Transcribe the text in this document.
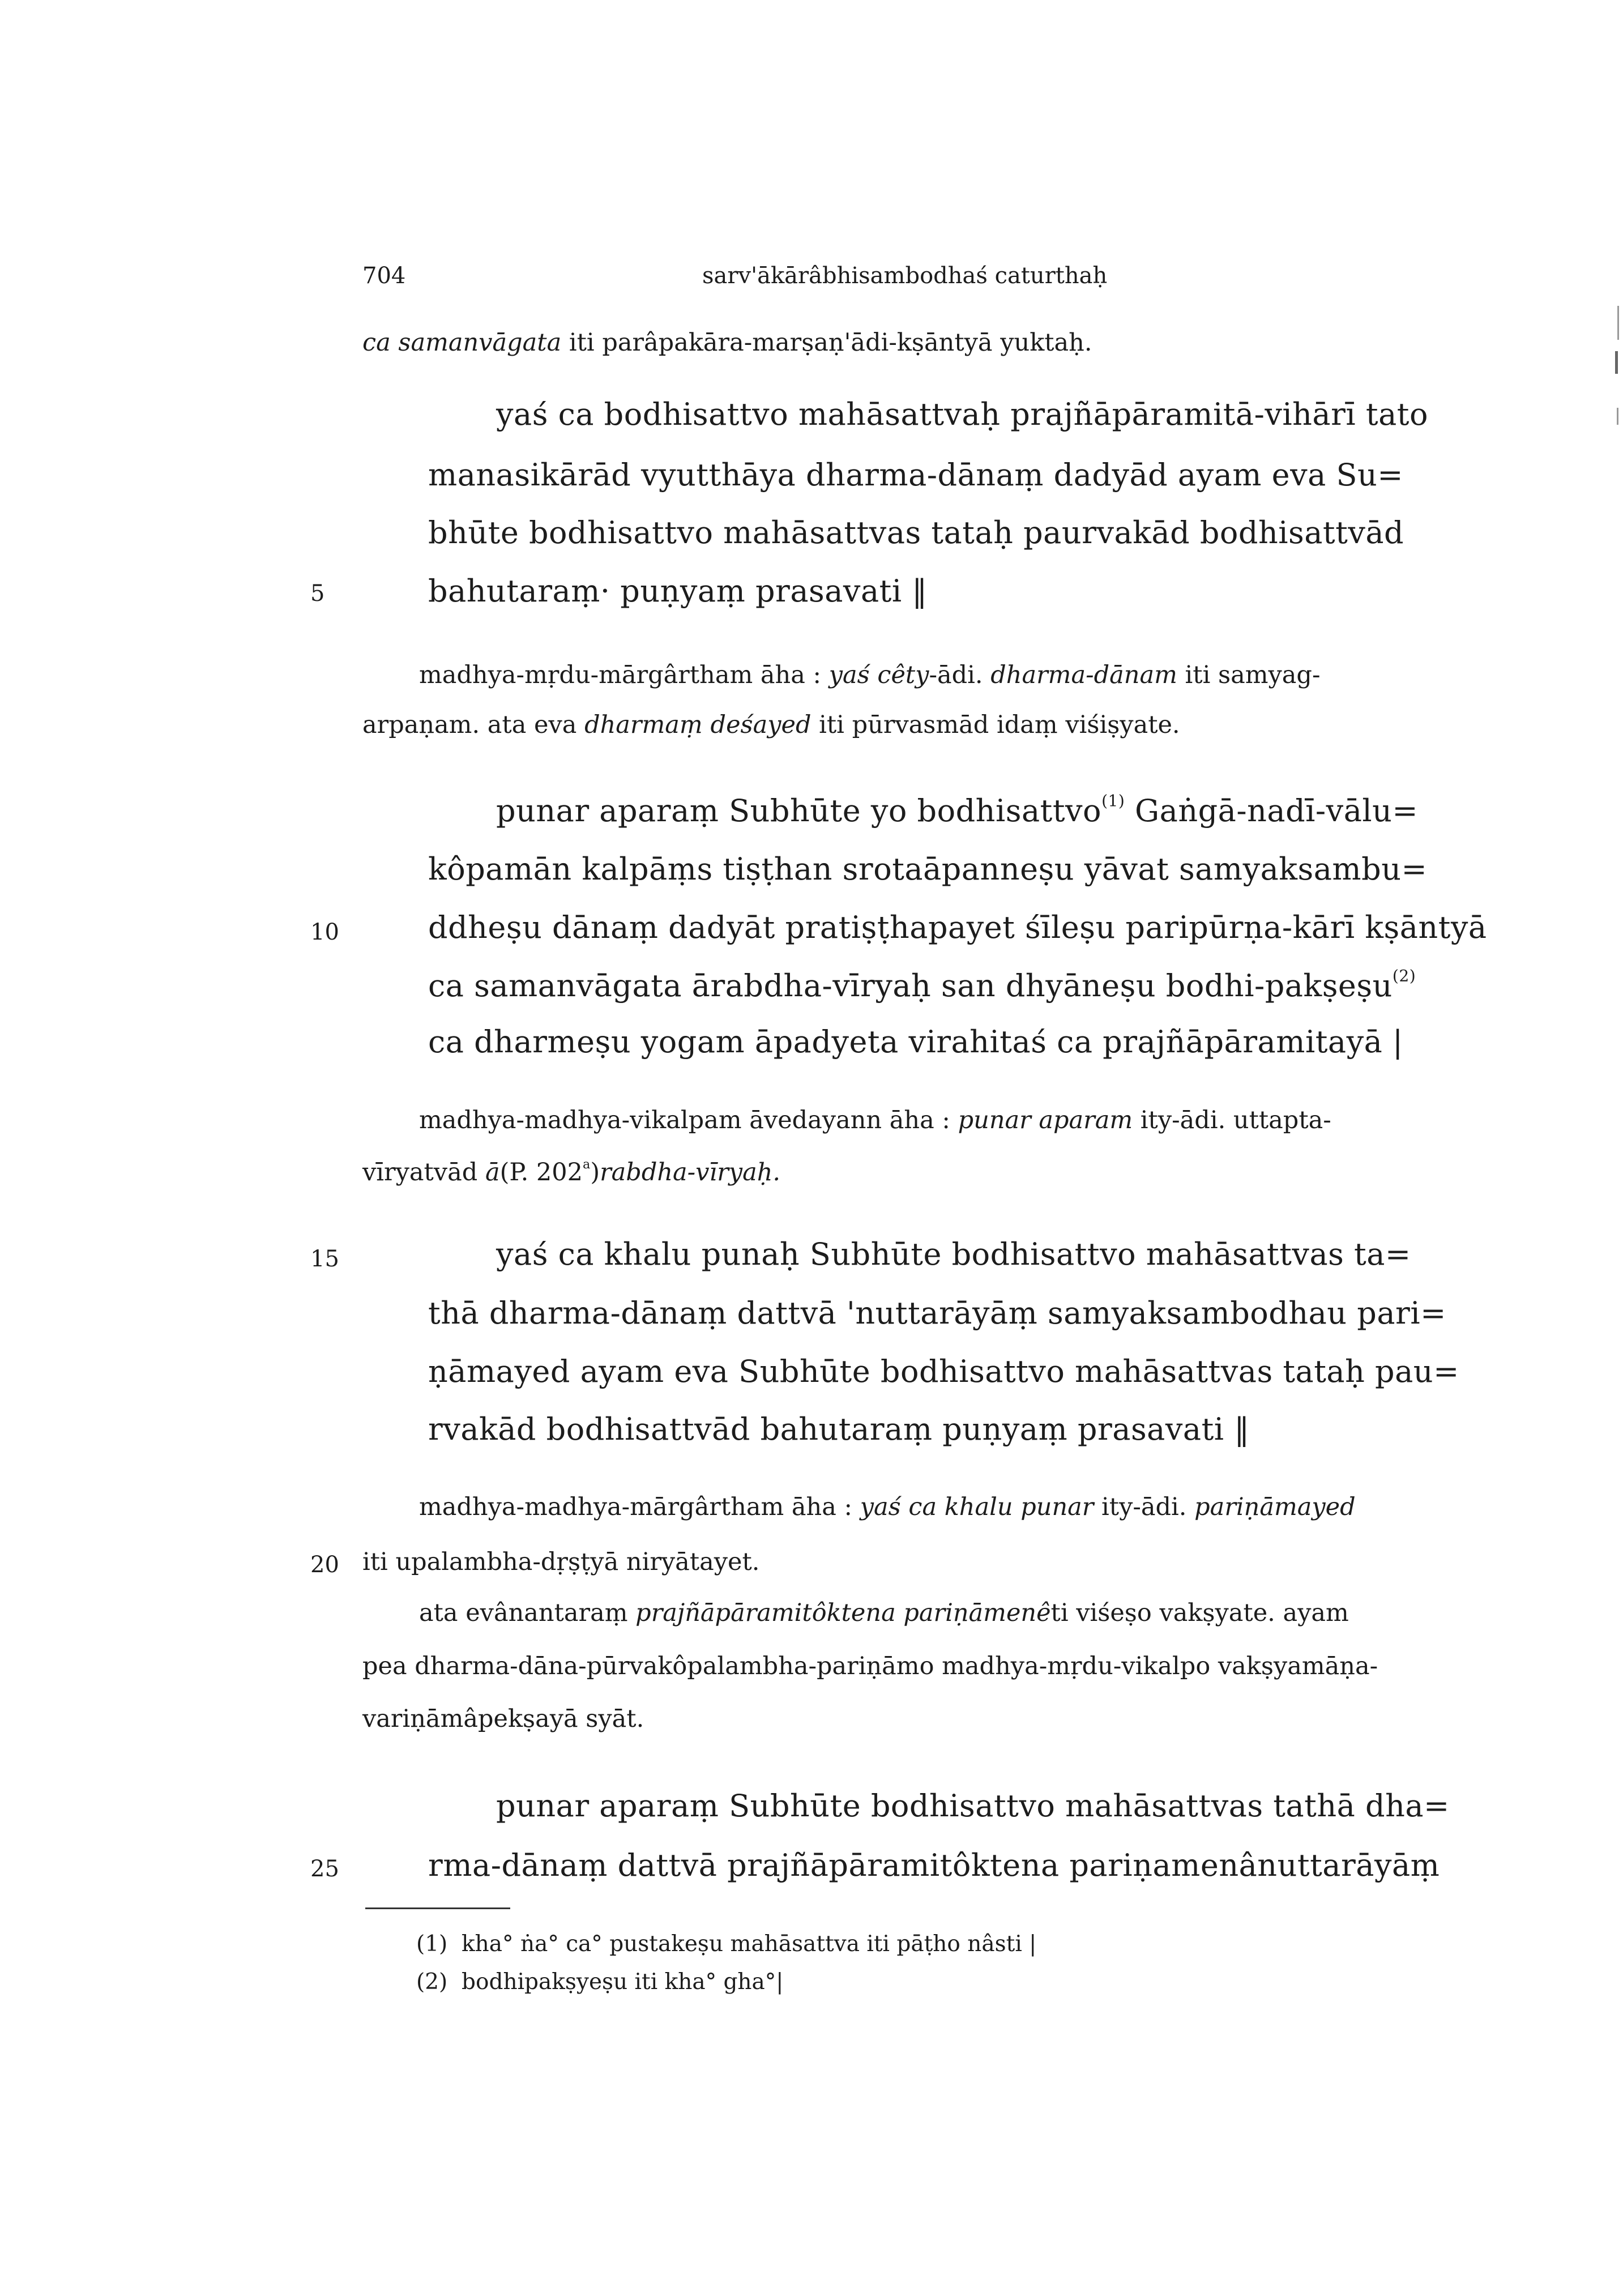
704	sarv'ākārâbhisambodhaś caturthaḥ
ca samanvāgata iti parâpakāra-marṣaṇ'ādi-kṣāntyā yuktaḥ.
yaś ca bodhisattvo mahāsattvaḥ prajñāpāramitā-vihārī tato
manasikārād vyutthāya dharma-dānaṃ dadyād ayam eva Su=
bhūte bodhisattvo mahāsattvas tataḥ paurvakād bodhisattvād
5	bahutaraṃ· puṇyaṃ prasavati ‖
madhya-mṛdu-mārgârtham āha : yaś cêty-ādi. dharma-dānam iti samyag-
arpaṇam. ata eva dharmaṃ deśayed iti pūrvasmād idaṃ viśiṣyate.
punar aparaṃ Subhūte yo bodhisattvo$^{(1)}$ Gaṅgā-nadī-vālu=
kôpamān kalpāṃs tiṣṭhan srotaāpanneṣu yāvat samyaksambu=
10	ddheṣu dānaṃ dadyāt pratiṣṭhapayet śīleṣu paripūrṇa-kārī kṣāntyā
ca samanvāgata ārabdha-vīryaḥ san dhyāneṣu bodhi-pakṣeṣu$^{(2)}$
ca dharmeṣu yogam āpadyeta virahitaś ca prajñāpāramitayā |
madhya-madhya-vikalpam āvedayann āha : punar aparam ity-ādi. uttapta-
vīryatvād ā(P. 202$^a$)rabdha-vīryaḥ.
15	yaś ca khalu punaḥ Subhūte bodhisattvo mahāsattvas ta=
thā dharma-dānaṃ dattvā 'nuttarāyāṃ samyaksambodhau pari=
ṇāmayed ayam eva Subhūte bodhisattvo mahāsattvas tataḥ pau=
rvakād bodhisattvād bahutaraṃ puṇyaṃ prasavati ‖
madhya-madhya-mārgârtham āha : yaś ca khalu punar ity-ādi. pariṇāmayed
20 iti upalambha-dṛṣṭyā niryātayet.
ata evânantaraṃ prajñāpāramitôktena pariṇāmenêti viśeṣo vakṣyate. ayam
pea dharma-dāna-pūrvakôpalambha-pariṇāmo madhya-mṛdu-vikalpo vakṣyamāṇa-
variṇāmâpekṣayā syāt.
punar aparaṃ Subhūte bodhisattvo mahāsattvas tathā dha=
25	rma-dānaṃ dattvā prajñāpāramitôktena pariṇamenânuttarāyāṃ
(1) kha° ṅa° ca° pustakeṣu mahāsattva iti pāṭho nâsti |
(2) bodhipakṣyeṣu iti kha° gha°|
